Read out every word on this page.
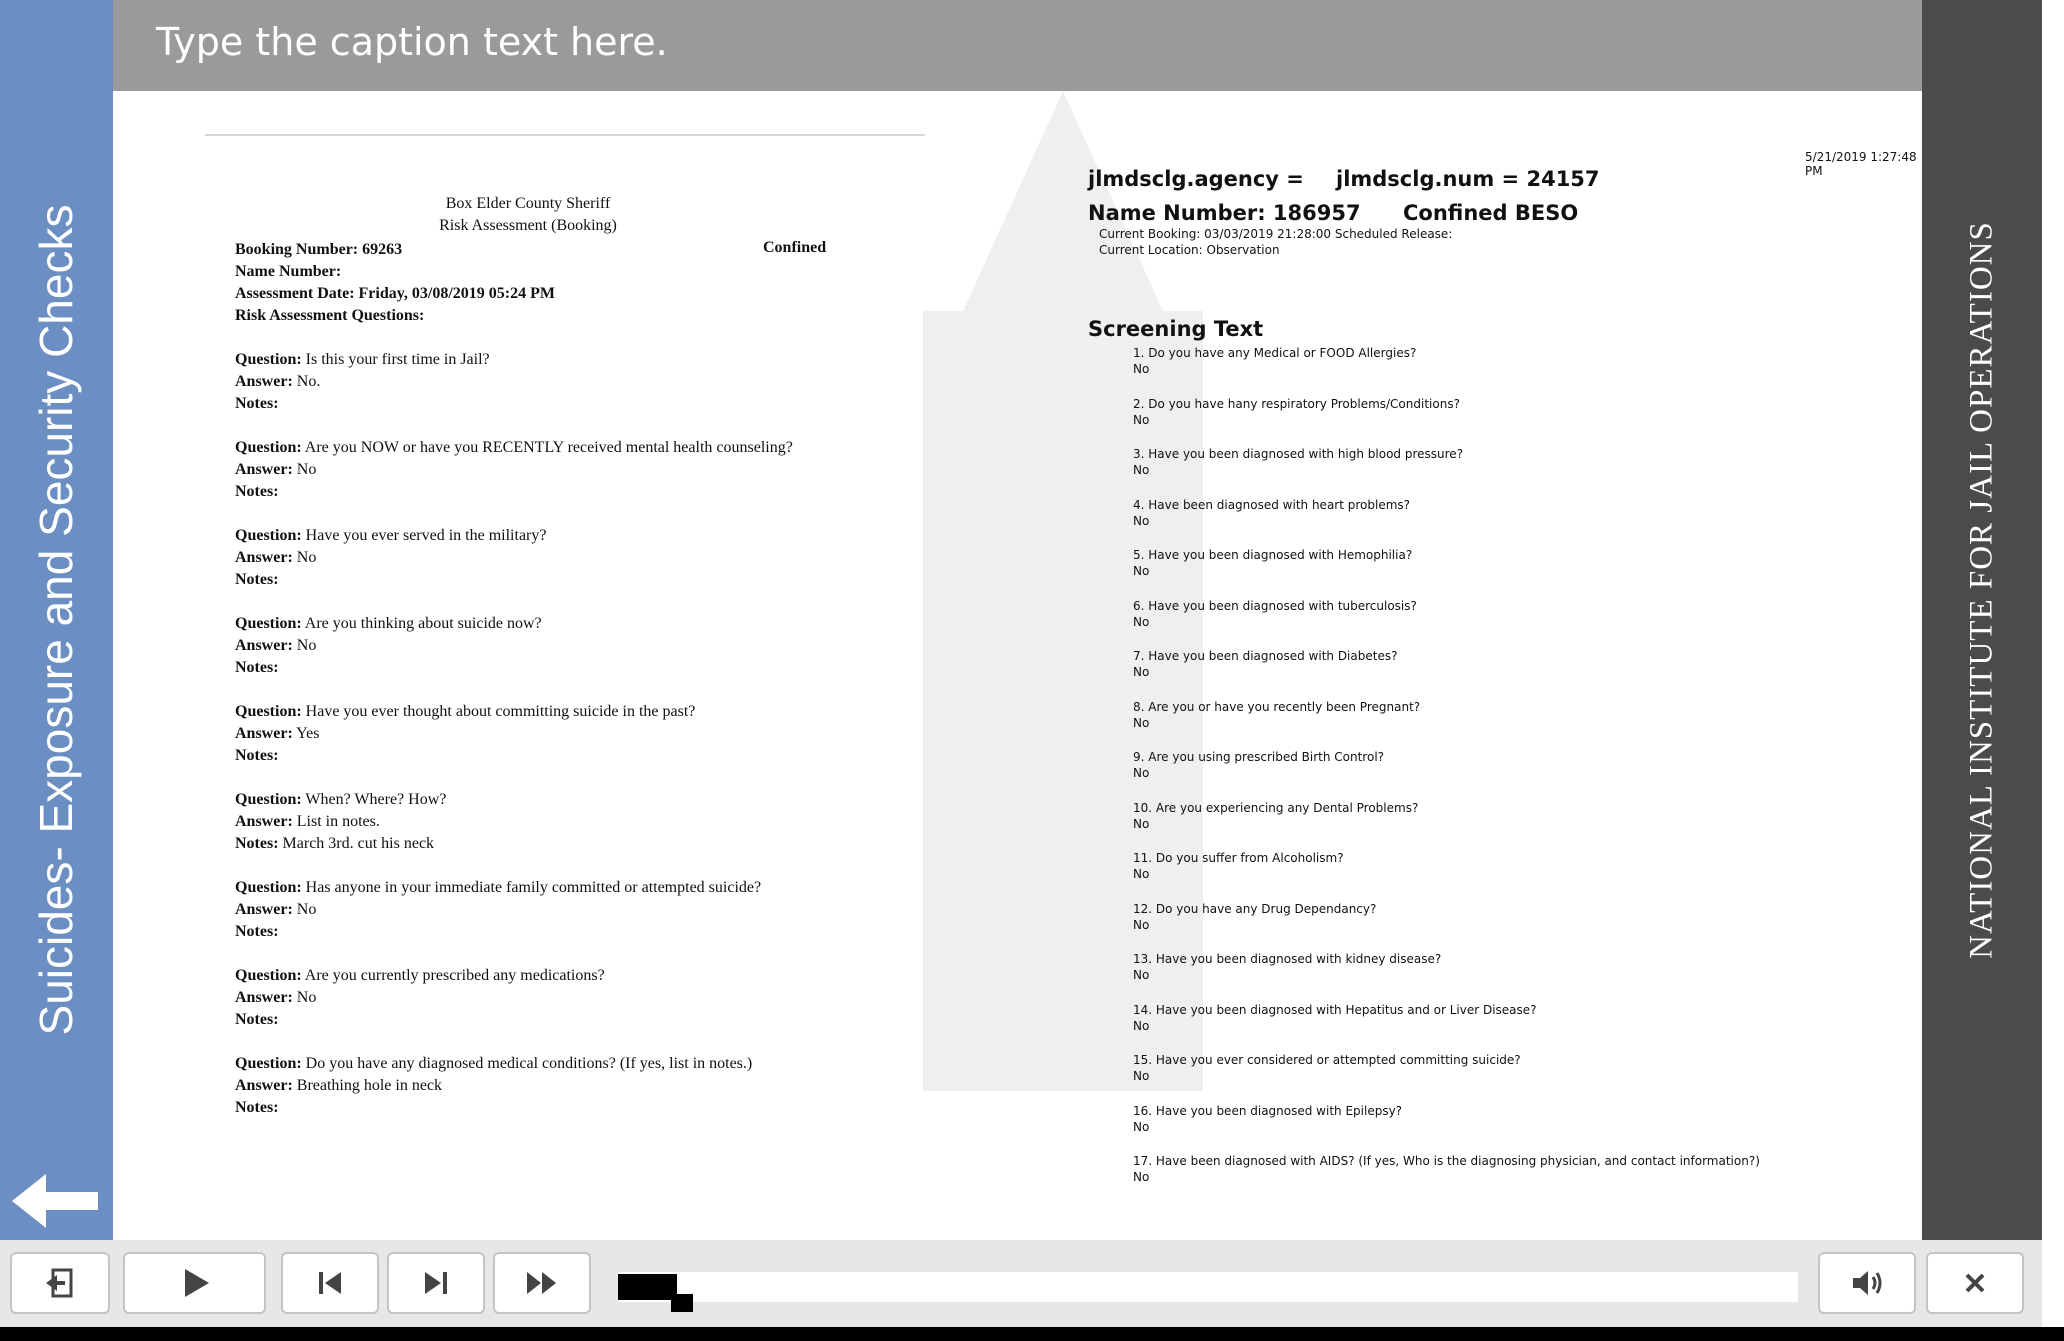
Suicides- Exposure and Security Checks
Type the caption text here.
NATIONAL INSTITUTE FOR JAIL OPERATIONS
Box Elder County Sheriff
Risk Assessment (Booking)
Booking Number: 69263	Confined
Name Number:
Assessment Date: Friday, 03/08/2019 05:24 PM
Risk Assessment Questions:
Question: Is this your first time in Jail?
Answer: No.
Notes:
Question: Are you NOW or have you RECENTLY received mental health counseling?
Answer: No
Notes:
Question: Have you ever served in the military?
Answer: No
Notes:
Question: Are you thinking about suicide now?
Answer: No
Notes:
Question: Have you ever thought about committing suicide in the past?
Answer: Yes
Notes:
Question: When? Where? How?
Answer: List in notes.
Notes: March 3rd. cut his neck
Question: Has anyone in your immediate family committed or attempted suicide?
Answer: No
Notes:
Question: Are you currently prescribed any medications?
Answer: No
Notes:
Question: Do you have any diagnosed medical conditions? (If yes, list in notes.)
Answer: Breathing hole in neck
Notes:
5/21/2019 1:27:48 PM
jlmdsclg.agency = jlmdsclg.num = 24157
Name Number: 186957 Confined BESO
Current Booking: 03/03/2019 21:28:00 Scheduled Release:
Current Location: Observation
Screening Text
1. Do you have any Medical or FOOD Allergies?
No
2. Do you have hany respiratory Problems/Conditions?
No
3. Have you been diagnosed with high blood pressure?
No
4. Have been diagnosed with heart problems?
No
5. Have you been diagnosed with Hemophilia?
No
6. Have you been diagnosed with tuberculosis?
No
7. Have you been diagnosed with Diabetes?
No
8. Are you or have you recently been Pregnant?
No
9. Are you using prescribed Birth Control?
No
10. Are you experiencing any Dental Problems?
No
11. Do you suffer from Alcoholism?
No
12. Do you have any Drug Dependancy?
No
13. Have you been diagnosed with kidney disease?
No
14. Have you been diagnosed with Hepatitus and or Liver Disease?
No
15. Have you ever considered or attempted committing suicide?
No
16. Have you been diagnosed with Epilepsy?
No
17. Have been diagnosed with AIDS? (If yes, Who is the diagnosing physician, and contact information?)
No
